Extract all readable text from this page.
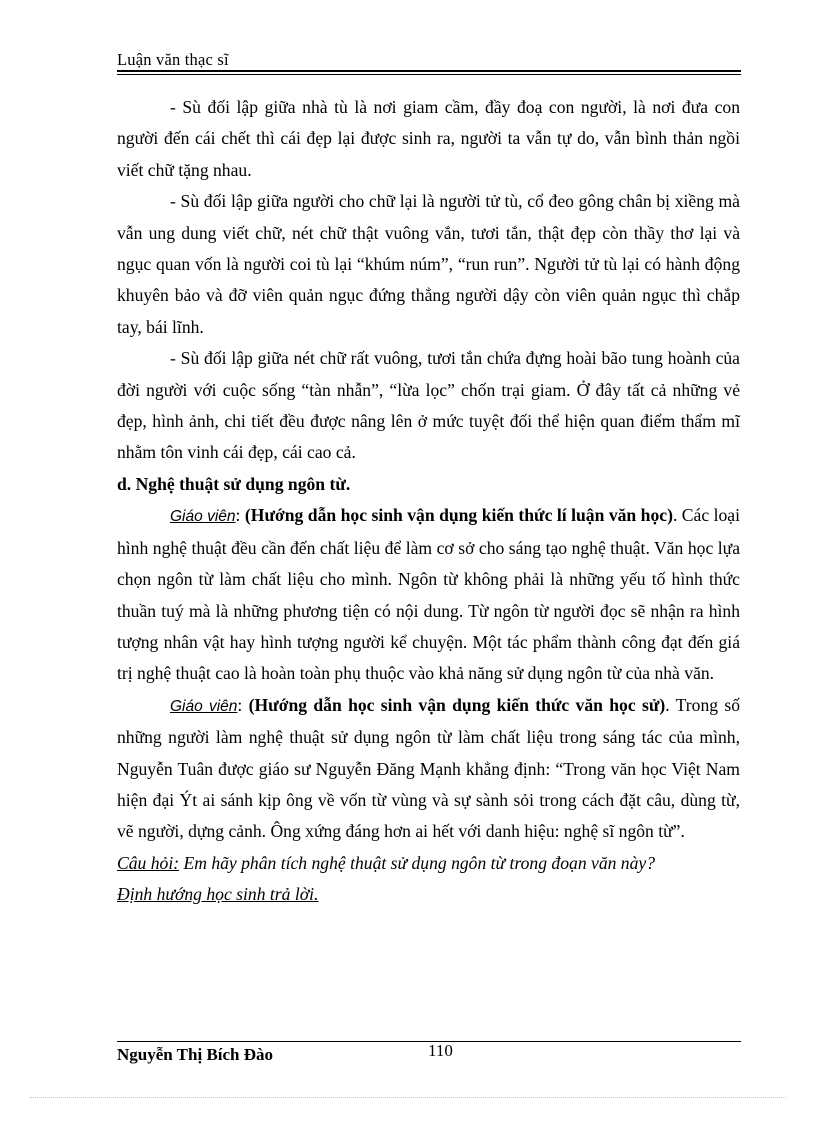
Luận văn thạc sĩ

- Sù đối lập giữa nhà tù là nơi giam cầm, đầy đoạ con người, là nơi đưa con người đến cái chết thì cái đẹp lại được sinh ra, người ta vẫn tự do, vẫn bình thản ngồi viết chữ tặng nhau.

- Sù đối lập giữa người cho chữ lại là người tử tù, cổ đeo gông chân bị xiềng mà vẫn ung dung viết chữ, nét chữ thật vuông vắn, tươi tắn, thật đẹp còn thầy thơ lại và ngục quan vốn là người coi tù lại “khúm núm”, “run run”. Người tử tù lại có hành động khuyên bảo và đỡ viên quản ngục đứng thẳng người dậy còn viên quản ngục thì chắp tay, bái lĩnh.

- Sù đối lập giữa nét chữ rất vuông, tươi tắn chứa đựng hoài bão tung hoành của đời người với cuộc sống “tàn nhẫn”, “lừa lọc” chốn trại giam. Ở đây tất cả những vẻ đẹp, hình ảnh, chi tiết đều được nâng lên ở mức tuyệt đối thể hiện quan điểm thẩm mĩ nhằm tôn vinh cái đẹp, cái cao cả.

d. Nghệ thuật sử dụng ngôn từ.

Giáo viên: (Hướng dẫn học sinh vận dụng kiến thức lí luận văn học). Các loại hình nghệ thuật đều cần đến chất liệu để làm cơ sở cho sáng tạo nghệ thuật. Văn học lựa chọn ngôn từ làm chất liệu cho mình. Ngôn từ không phải là những yếu tố hình thức thuần tuý mà là những phương tiện có nội dung. Từ ngôn từ người đọc sẽ nhận ra hình tượng nhân vật hay hình tượng người kể chuyện. Một tác phẩm thành công đạt đến giá trị nghệ thuật cao là hoàn toàn phụ thuộc vào khả năng sử dụng ngôn từ của nhà văn.

Giáo viên: (Hướng dẫn học sinh vận dụng kiến thức văn học sử). Trong số những người làm nghệ thuật sử dụng ngôn từ làm chất liệu trong sáng tác của mình, Nguyễn Tuân được giáo sư Nguyễn Đăng Mạnh khẳng định: “Trong văn học Việt Nam hiện đại Ýt ai sánh kịp ông về vốn từ vùng và sự sành sỏi trong cách đặt câu, dùng từ, vẽ người, dựng cảnh. Ông xứng đáng hơn ai hết với danh hiệu: nghệ sĩ ngôn từ”.

Câu hỏi: Em hãy phân tích nghệ thuật sử dụng ngôn từ trong đoạn văn này?

Định hướng học sinh trả lời.

Nguyễn Thị Bích Đào	110
